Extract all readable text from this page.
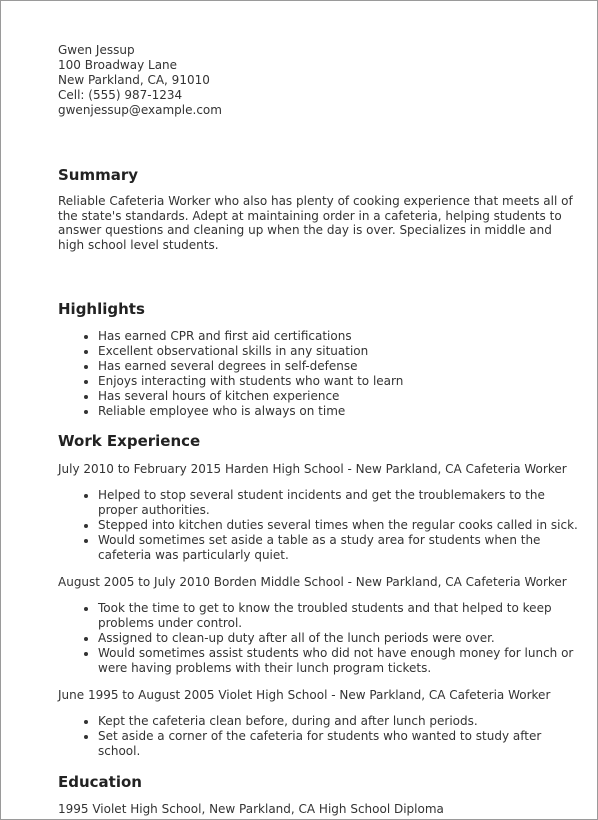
Gwen Jessup
100 Broadway Lane
New Parkland, CA, 91010
Cell: (555) 987-1234
gwenjessup@example.com
Summary

Reliable Cafeteria Worker who also has plenty of cooking experience that meets all of the state's standards. Adept at maintaining order in a cafeteria, helping students to answer questions and cleaning up when the day is over. Specializes in middle and high school level students.

Highlights
• Has earned CPR and first aid certifications
• Excellent observational skills in any situation
• Has earned several degrees in self-defense
• Enjoys interacting with students who want to learn
• Has several hours of kitchen experience
• Reliable employee who is always on time
Work Experience
July 2010 to February 2015 Harden High School - New Parkland, CA Cafeteria Worker
• Helped to stop several student incidents and get the troublemakers to the proper authorities.
• Stepped into kitchen duties several times when the regular cooks called in sick.
• Would sometimes set aside a table as a study area for students when the cafeteria was particularly quiet.
August 2005 to July 2010 Borden Middle School - New Parkland, CA Cafeteria Worker
• Took the time to get to know the troubled students and that helped to keep problems under control.
• Assigned to clean-up duty after all of the lunch periods were over.
• Would sometimes assist students who did not have enough money for lunch or were having problems with their lunch program tickets.
June 1995 to August 2005 Violet High School - New Parkland, CA Cafeteria Worker
• Kept the cafeteria clean before, during and after lunch periods.
• Set aside a corner of the cafeteria for students who wanted to study after school.
Education
1995 Violet High School, New Parkland, CA High School Diploma
